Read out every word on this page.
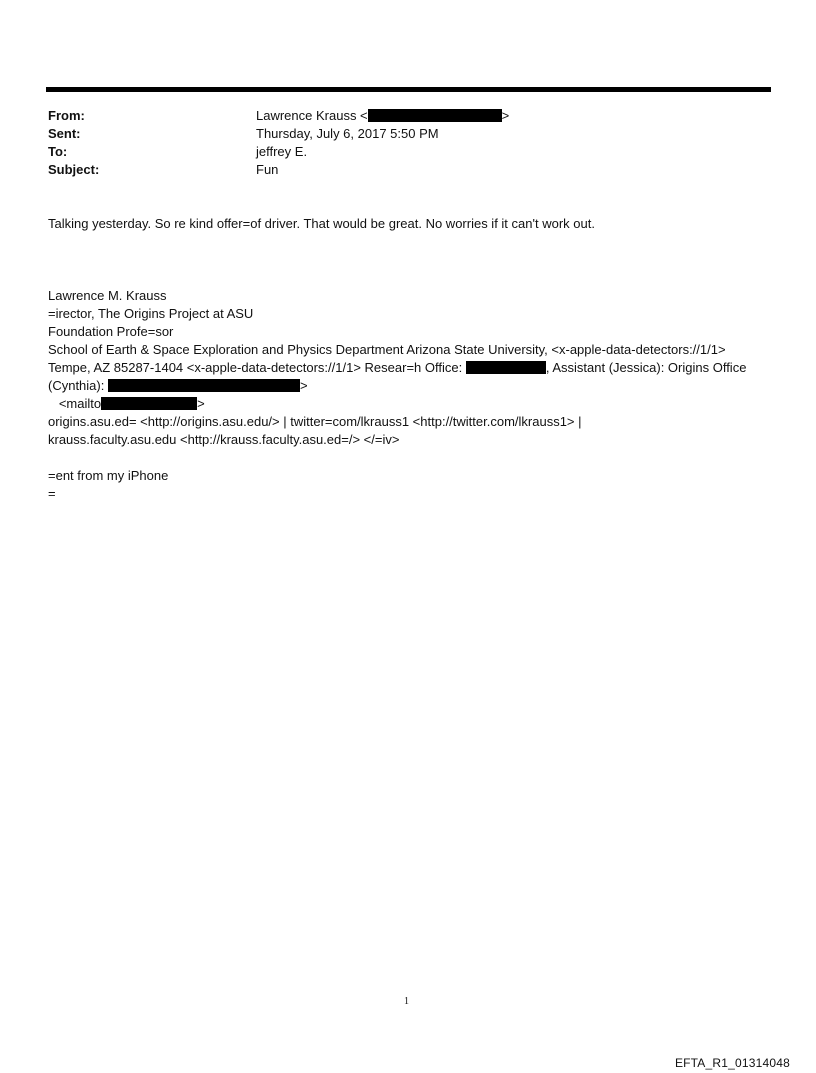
From:	Lawrence Krauss <	>
Sent:	Thursday, July 6, 2017 5:50 PM
To:	jeffrey E.
Subject:	Fun
Talking yesterday. So re kind offer=of driver. That would be great. No worries if it can't work out.
Lawrence M. Krauss
=irector, The Origins Project at ASU
Foundation Profe=sor
School of Earth & Space Exploration and Physics Department Arizona State University, <x-apple-data-detectors://1/1>
Tempe, AZ 85287-1404 <x-apple-data-detectors://1/1> Resear=h Office:	, Assistant (Jessica): Origins Office
(Cynthia):	>
<mailto	>
origins.asu.ed= <http://origins.asu.edu/> | twitter=com/lkrauss1 <http://twitter.com/lkrauss1> |
krauss.faculty.asu.edu <http://krauss.faculty.asu.ed=/> </=iv>
=ent from my iPhone
=
1
EFTA_R1_01314048
